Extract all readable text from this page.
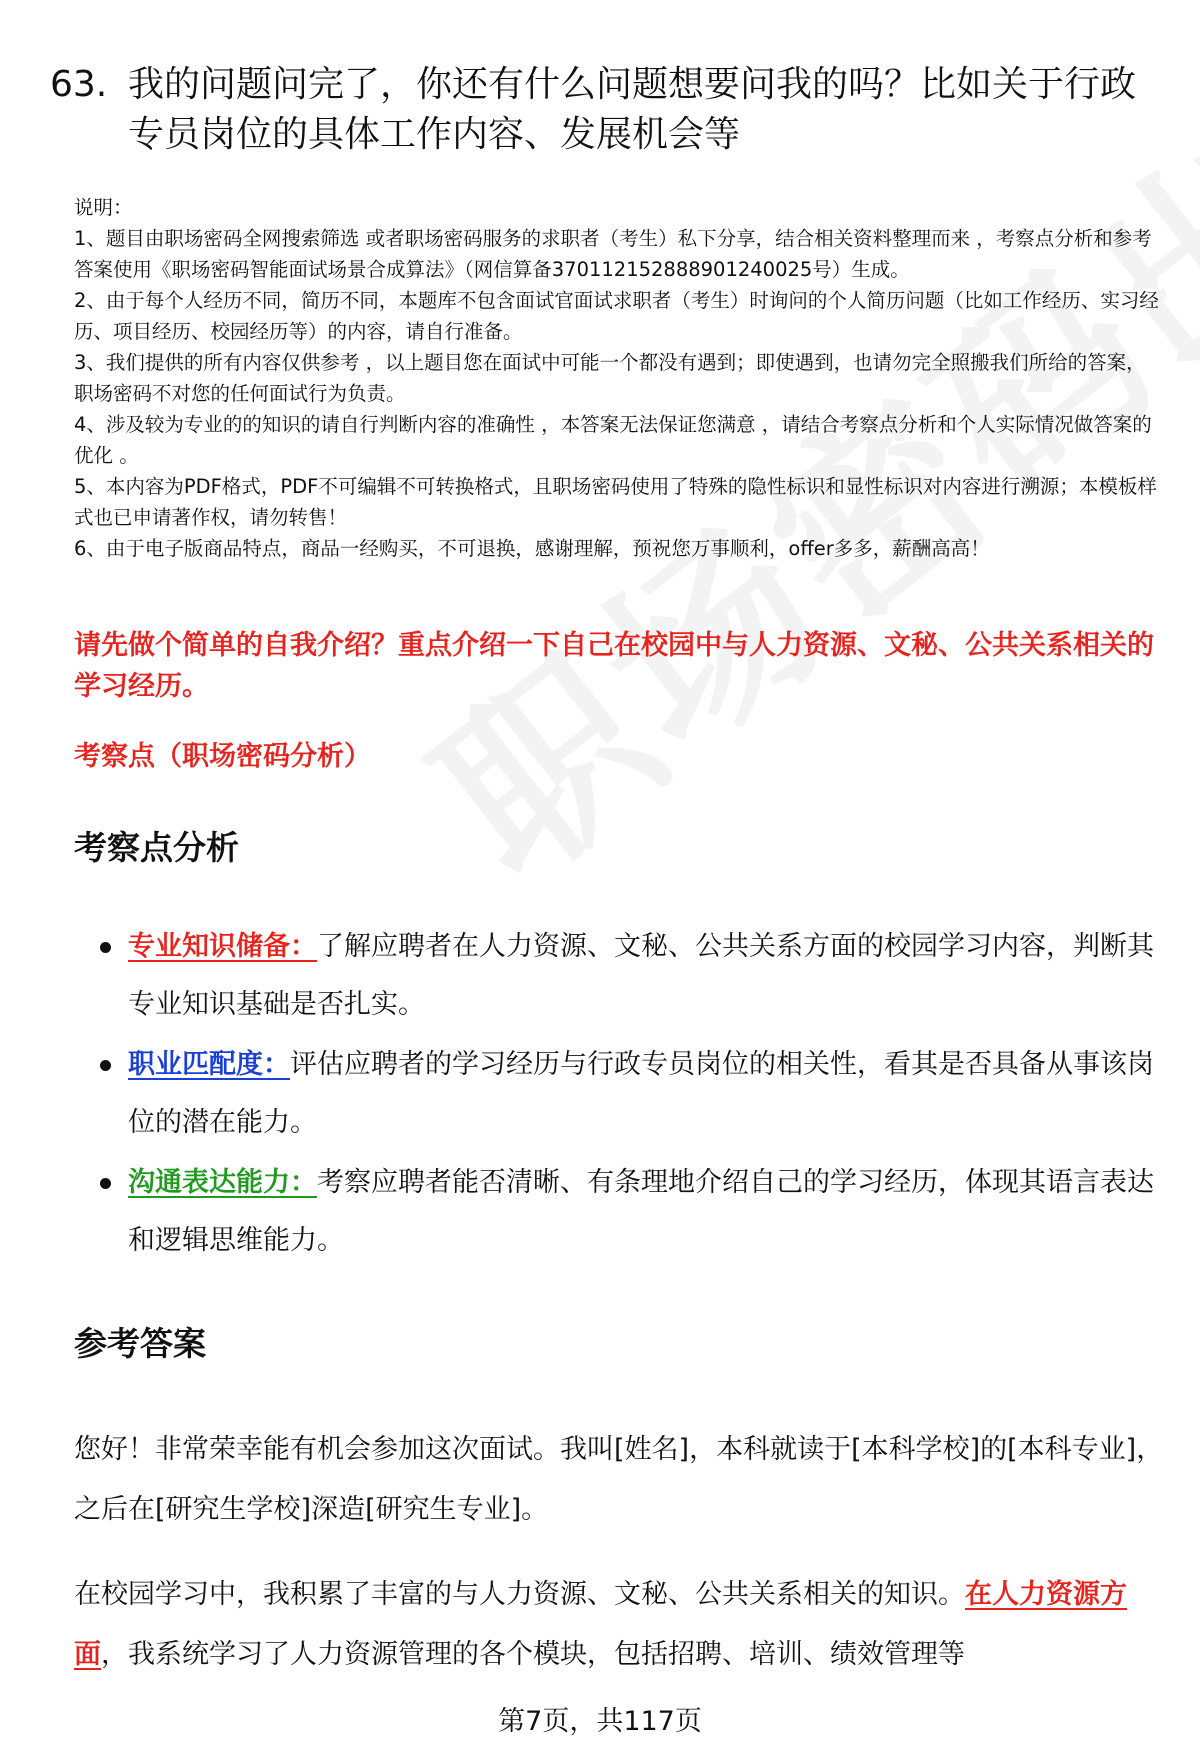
63. 我的问题问完了，你还有什么问题想要问我的吗？比如关于行政专员岗位的具体工作内容、发展机会等

说明：

1、题目由职场密码全网搜索筛选 或者职场密码服务的求职者（考生）私下分享，结合相关资料整理而来 ，考察点分析和参考答案使用《职场密码智能面试场景合成算法》（网信算备370112152888901240025号）生成。

2、由于每个人经历不同，简历不同，本题库不包含面试官面试求职者（考生）时询问的个人简历问题（比如工作经历、实习经历、项目经历、校园经历等）的内容，请自行准备。

3、我们提供的所有内容仅供参考 ，以上题目您在面试中可能一个都没有遇到；即使遇到，也请勿完全照搬我们所给的答案，职场密码不对您的任何面试行为负责。

4、涉及较为专业的的知识的请自行判断内容的准确性 ，本答案无法保证您满意 ，请结合考察点分析和个人实际情况做答案的优化 。

5、本内容为PDF格式，PDF不可编辑不可转换格式，且职场密码使用了特殊的隐性标识和显性标识对内容进行溯源；本模板样式也已申请著作权，请勿转售！

6、由于电子版商品特点，商品一经购买，不可退换，感谢理解，预祝您万事顺利，offer多多，薪酬高高！

请先做个简单的自我介绍？重点介绍一下自己在校园中与人力资源、文秘、公共关系相关的学习经历。
考察点（职场密码分析）
考察点分析
专业知识储备：了解应聘者在人力资源、文秘、公共关系方面的校园学习内容，判断其专业知识基础是否扎实。
职业匹配度：评估应聘者的学习经历与行政专员岗位的相关性，看其是否具备从事该岗位的潜在能力。
沟通表达能力：考察应聘者能否清晰、有条理地介绍自己的学习经历，体现其语言表达和逻辑思维能力。
参考答案
您好！非常荣幸能有机会参加这次面试。我叫[姓名]，本科就读于[本科学校]的[本科专业]，之后在[研究生学校]深造[研究生专业]。
在校园学习中，我积累了丰富的与人力资源、文秘、公共关系相关的知识。在人力资源方面，我系统学习了人力资源管理的各个模块，包括招聘、培训、绩效管理等
第7页，共117页
